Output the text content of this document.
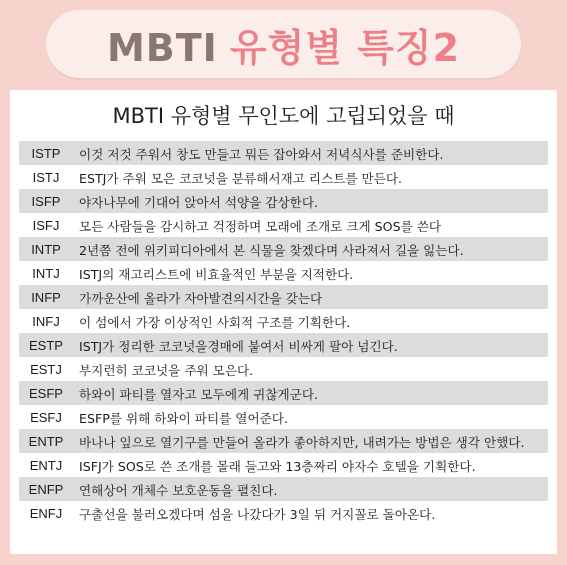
MBTI 유형별 특징2
MBTI 유형별 무인도에 고립되었을 때
ISTP	이것 저것 주워서 창도 만들고 뭐든 잡아와서 저녁식사를 준비한다.
ISTJ	ESTJ가 주워 모은 코코넛을 분류해서재고 리스트를 만든다.
ISFP	야자나무에 기대어 앉아서 석양을 감상한다.
ISFJ	모든 사람들을 감시하고 걱정하며 모래에 조개로 크게 SOS를 쓴다
INTP	2년쯤 전에 위키피디아에서 본 식물을 찾겠다며 사라져서 길을 잃는다.
INTJ	ISTJ의 재고리스트에 비효율적인 부분을 지적한다.
INFP	가까운산에 올라가 자아발견의시간을 갖는다
INFJ	이 섬에서 가장 이상적인 사회적 구조를 기획한다.
ESTP	ISTJ가 정리한 코코넛을경매에 붙여서 비싸게 팔아 넘긴다.
ESTJ	부지런히 코코넛을 주워 모은다.
ESFP	하와이 파티를 열자고 모두에게 귀찮게군다.
ESFJ	ESFP를 위해 하와이 파티를 열어준다.
ENTP	바나나 잎으로 열기구를 만들어 올라가 좋아하지만, 내려가는 방법은 생각 안했다.
ENTJ	ISFJ가 SOS로 쓴 조개를 몰래 들고와 13층짜리 야자수 호텔을 기획한다.
ENFP	연해상어 개체수 보호운동을 펼친다.
ENFJ	구출선을 불러오겠다며 섬을 나갔다가 3일 뒤 거지꼴로 돌아온다.
